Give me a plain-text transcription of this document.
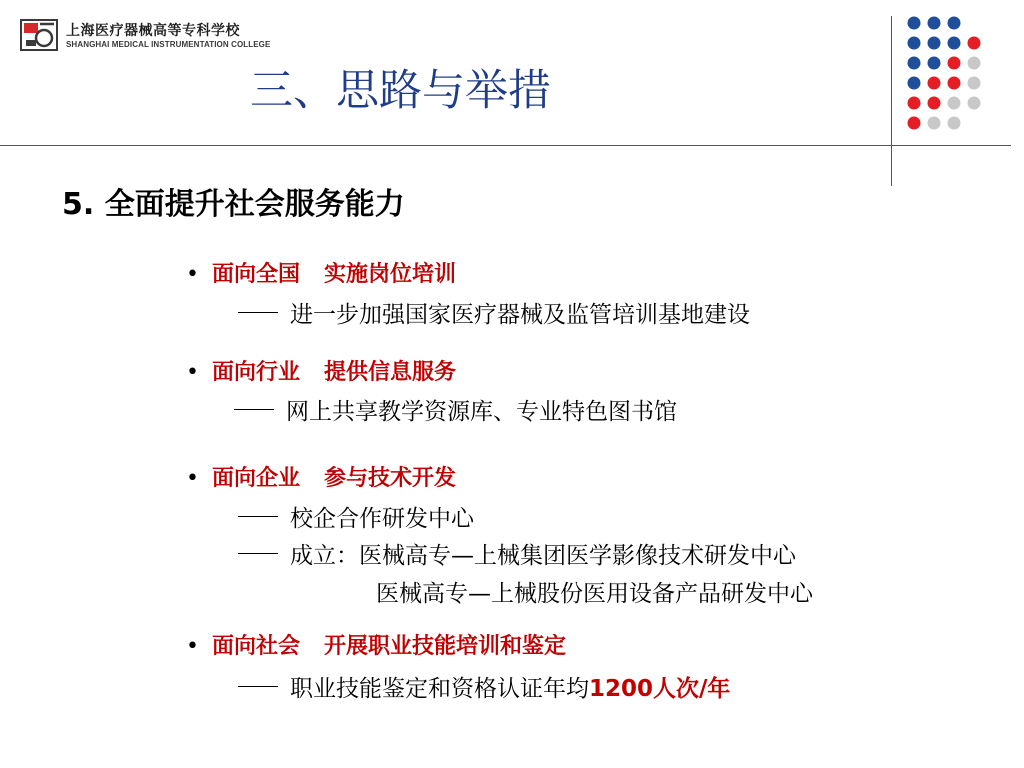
上海医疗器械高等专科学校
SHANGHAI MEDICAL INSTRUMENTATION COLLEGE
三、思路与举措
5. 全面提升社会服务能力
• 面向全国 实施岗位培训
进一步加强国家医疗器械及监管培训基地建设
• 面向行业 提供信息服务
网上共享教学资源库、专业特色图书馆
• 面向企业 参与技术开发
校企合作研发中心
成立：医械高专—上械集团医学影像技术研发中心
医械高专—上械股份医用设备产品研发中心
• 面向社会 开展职业技能培训和鉴定
职业技能鉴定和资格认证年均1200人次/年
